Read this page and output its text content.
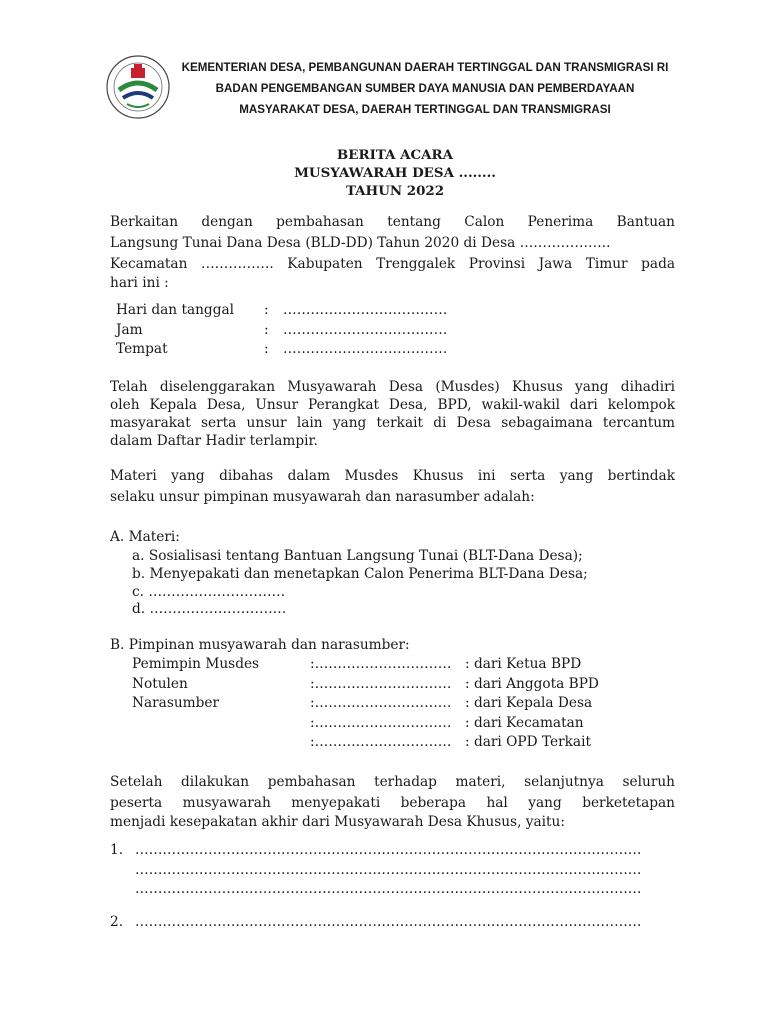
KEMENTERIAN DESA, PEMBANGUNAN DAERAH TERTINGGAL DAN TRANSMIGRASI RI
BADAN PENGEMBANGAN SUMBER DAYA MANUSIA DAN PEMBERDAYAAN
MASYARAKAT DESA, DAERAH TERTINGGAL DAN TRANSMIGRASI
BERITA ACARA
MUSYAWARAH DESA ........
TAHUN 2022
Berkaitan dengan pembahasan tentang Calon Penerima Bantuan
Langsung Tunai Dana Desa (BLD-DD) Tahun 2020 di Desa ………………..
Kecamatan ……………. Kabupaten Trenggalek Provinsi Jawa Timur pada
hari ini :
Hari dan tanggal : ………………………………
Jam	: ………………………………
Tempat	: ………………………………
Telah diselenggarakan Musyawarah Desa (Musdes) Khusus yang dihadiri
oleh Kepala Desa, Unsur Perangkat Desa, BPD, wakil-wakil dari kelompok
masyarakat serta unsur lain yang terkait di Desa sebagaimana tercantum
dalam Daftar Hadir terlampir.
Materi yang dibahas dalam Musdes Khusus ini serta yang bertindak
selaku unsur pimpinan musyawarah dan narasumber adalah:
A. Materi:
a. Sosialisasi tentang Bantuan Langsung Tunai (BLT-Dana Desa);
b. Menyepakati dan menetapkan Calon Penerima BLT-Dana Desa;
c. …………………………
d. …………………………
B. Pimpinan musyawarah dan narasumber:
Pemimpin Musdes	:………………………… : dari Ketua BPD
Notulen	:………………………… : dari Anggota BPD
Narasumber	:………………………… : dari Kepala Desa
:………………………… : dari Kecamatan
:………………………… : dari OPD Terkait
Setelah dilakukan pembahasan terhadap materi, selanjutnya seluruh
peserta musyawarah menyepakati beberapa hal yang berketetapan
menjadi kesepakatan akhir dari Musyawarah Desa Khusus, yaitu:
1. …………………………………………………………………………………………………
…………………………………………………………………………………………………
…………………………………………………………………………………………………
2. …………………………………………………………………………………………………
